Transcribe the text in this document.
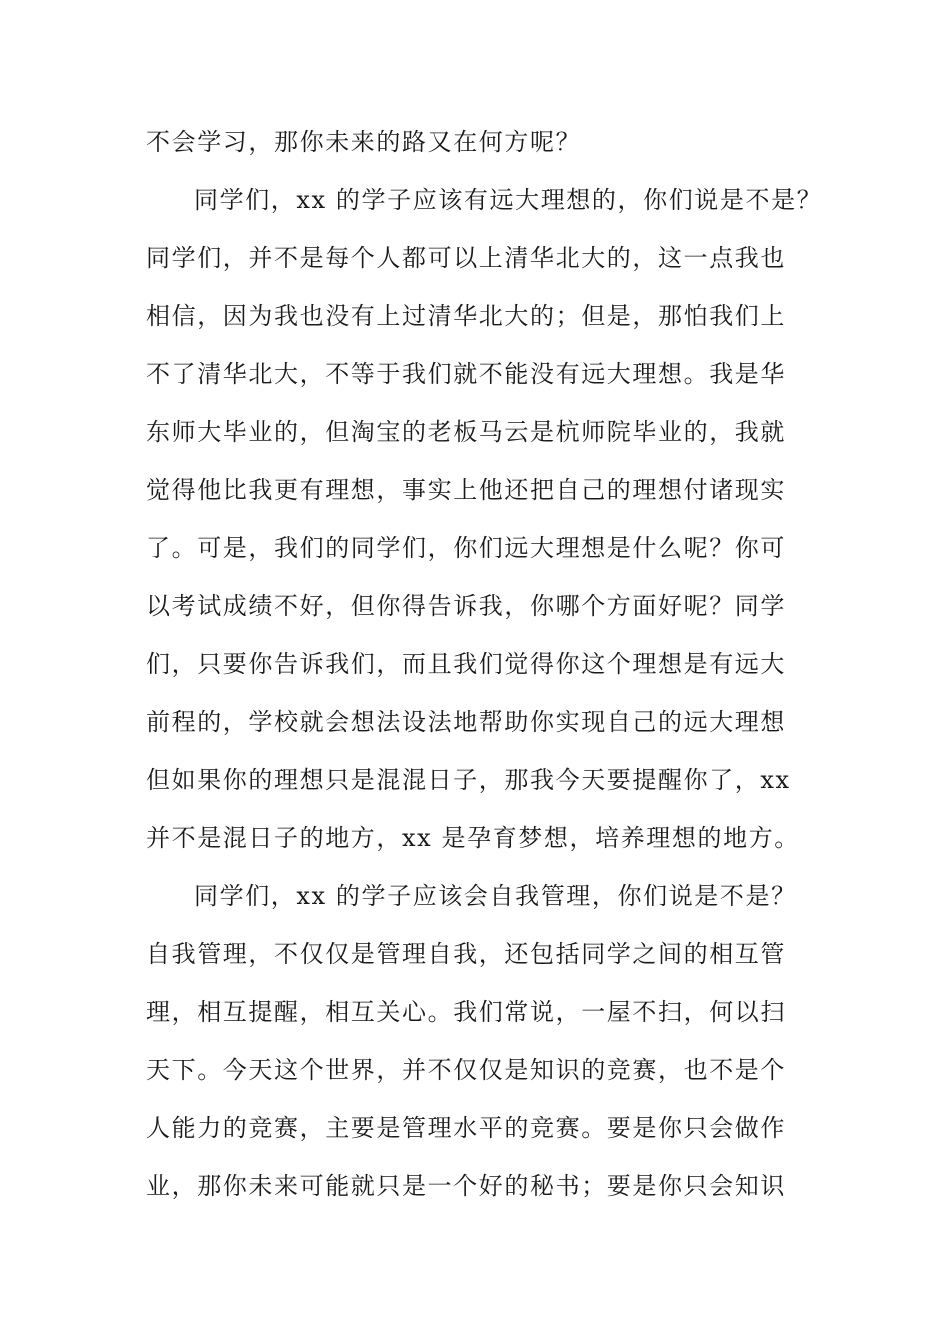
不会学习，那你未来的路又在何方呢？
同学们，xx 的学子应该有远大理想的，你们说是不是？
同学们，并不是每个人都可以上清华北大的，这一点我也
相信，因为我也没有上过清华北大的；但是，那怕我们上
不了清华北大，不等于我们就不能没有远大理想。我是华
东师大毕业的，但淘宝的老板马云是杭师院毕业的，我就
觉得他比我更有理想，事实上他还把自己的理想付诸现实
了。可是，我们的同学们，你们远大理想是什么呢？你可
以考试成绩不好，但你得告诉我，你哪个方面好呢？同学
们，只要你告诉我们，而且我们觉得你这个理想是有远大
前程的，学校就会想法设法地帮助你实现自己的远大理想
但如果你的理想只是混混日子，那我今天要提醒你了，xx
并不是混日子的地方，xx 是孕育梦想，培养理想的地方。
同学们，xx 的学子应该会自我管理，你们说是不是？
自我管理，不仅仅是管理自我，还包括同学之间的相互管
理，相互提醒，相互关心。我们常说，一屋不扫，何以扫
天下。今天这个世界，并不仅仅是知识的竞赛，也不是个
人能力的竞赛，主要是管理水平的竞赛。要是你只会做作
业，那你未来可能就只是一个好的秘书；要是你只会知识
